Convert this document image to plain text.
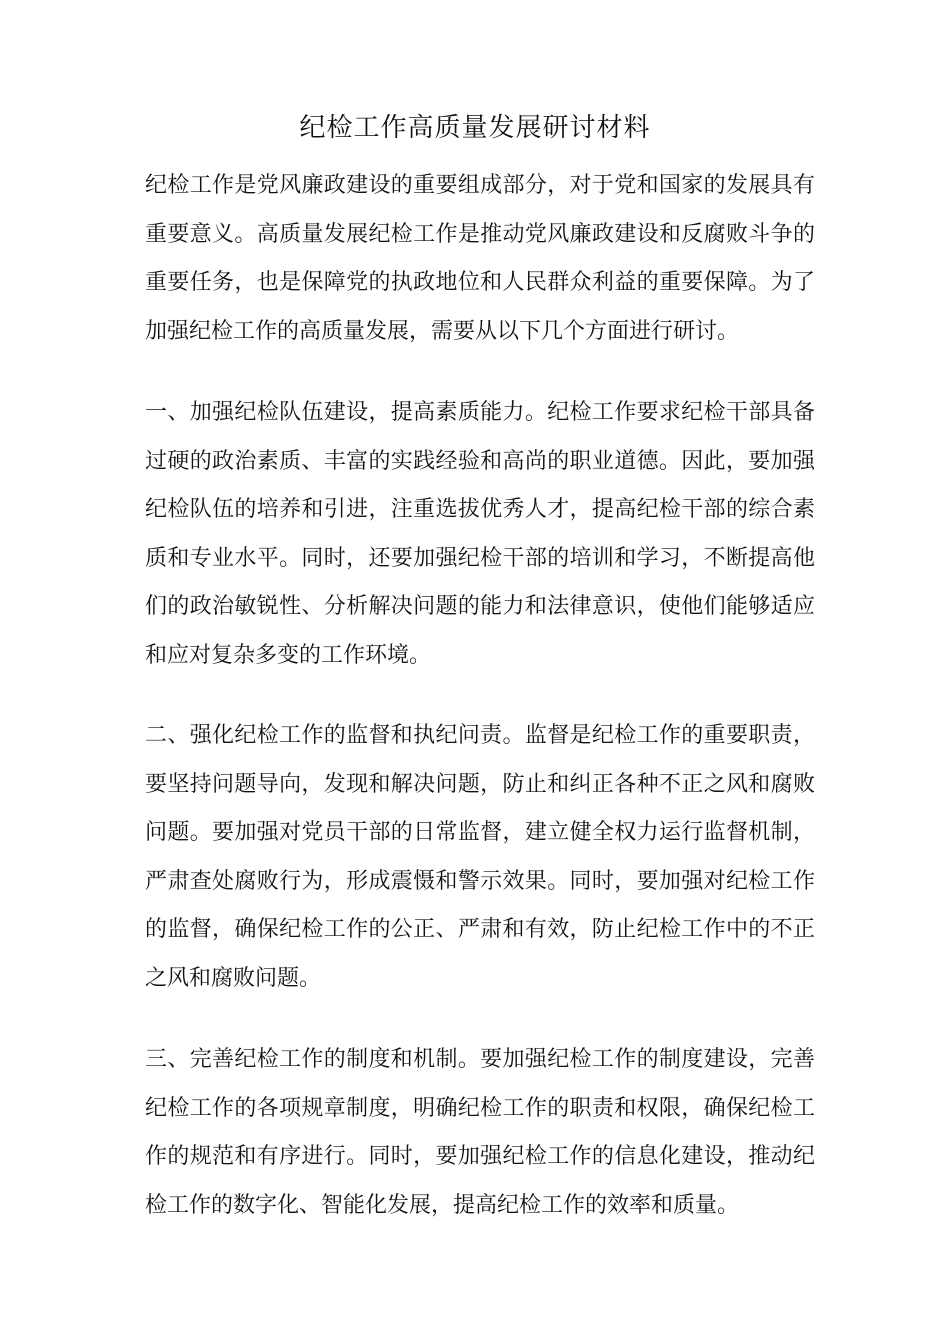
纪检工作高质量发展研讨材料

纪检工作是党风廉政建设的重要组成部分，对于党和国家的发展具有重要意义。高质量发展纪检工作是推动党风廉政建设和反腐败斗争的重要任务，也是保障党的执政地位和人民群众利益的重要保障。为了加强纪检工作的高质量发展，需要从以下几个方面进行研讨。

一、加强纪检队伍建设，提高素质能力。纪检工作要求纪检干部具备过硬的政治素质、丰富的实践经验和高尚的职业道德。因此，要加强纪检队伍的培养和引进，注重选拔优秀人才，提高纪检干部的综合素质和专业水平。同时，还要加强纪检干部的培训和学习，不断提高他们的政治敏锐性、分析解决问题的能力和法律意识，使他们能够适应和应对复杂多变的工作环境。

二、强化纪检工作的监督和执纪问责。监督是纪检工作的重要职责，要坚持问题导向，发现和解决问题，防止和纠正各种不正之风和腐败问题。要加强对党员干部的日常监督，建立健全权力运行监督机制，严肃查处腐败行为，形成震慑和警示效果。同时，要加强对纪检工作的监督，确保纪检工作的公正、严肃和有效，防止纪检工作中的不正之风和腐败问题。

三、完善纪检工作的制度和机制。要加强纪检工作的制度建设，完善纪检工作的各项规章制度，明确纪检工作的职责和权限，确保纪检工作的规范和有序进行。同时，要加强纪检工作的信息化建设，推动纪检工作的数字化、智能化发展，提高纪检工作的效率和质量。
